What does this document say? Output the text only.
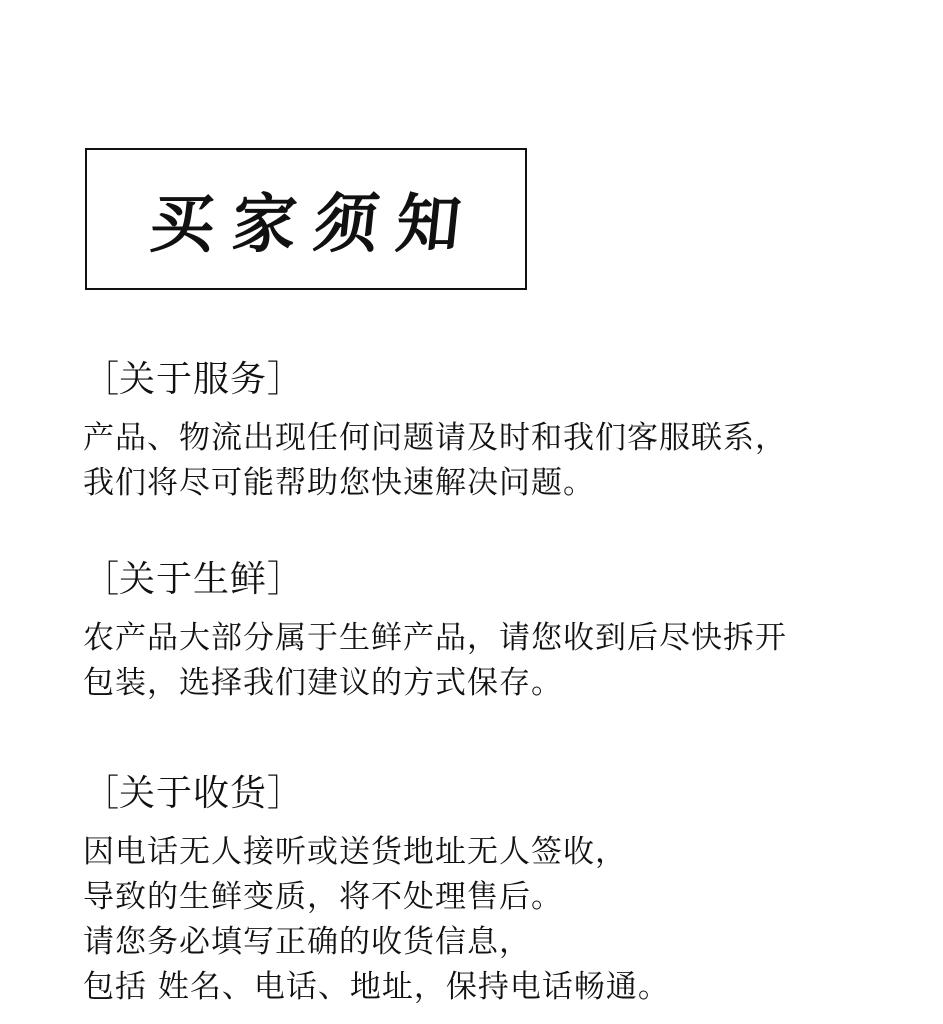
买家须知
［关于服务］
产品、物流出现任何问题请及时和我们客服联系，
我们将尽可能帮助您快速解决问题。
［关于生鲜］
农产品大部分属于生鲜产品，请您收到后尽快拆开
包装，选择我们建议的方式保存。
［关于收货］
因电话无人接听或送货地址无人签收，
导致的生鲜变质，将不处理售后。
请您务必填写正确的收货信息，
包括 姓名、电话、地址，保持电话畅通。
